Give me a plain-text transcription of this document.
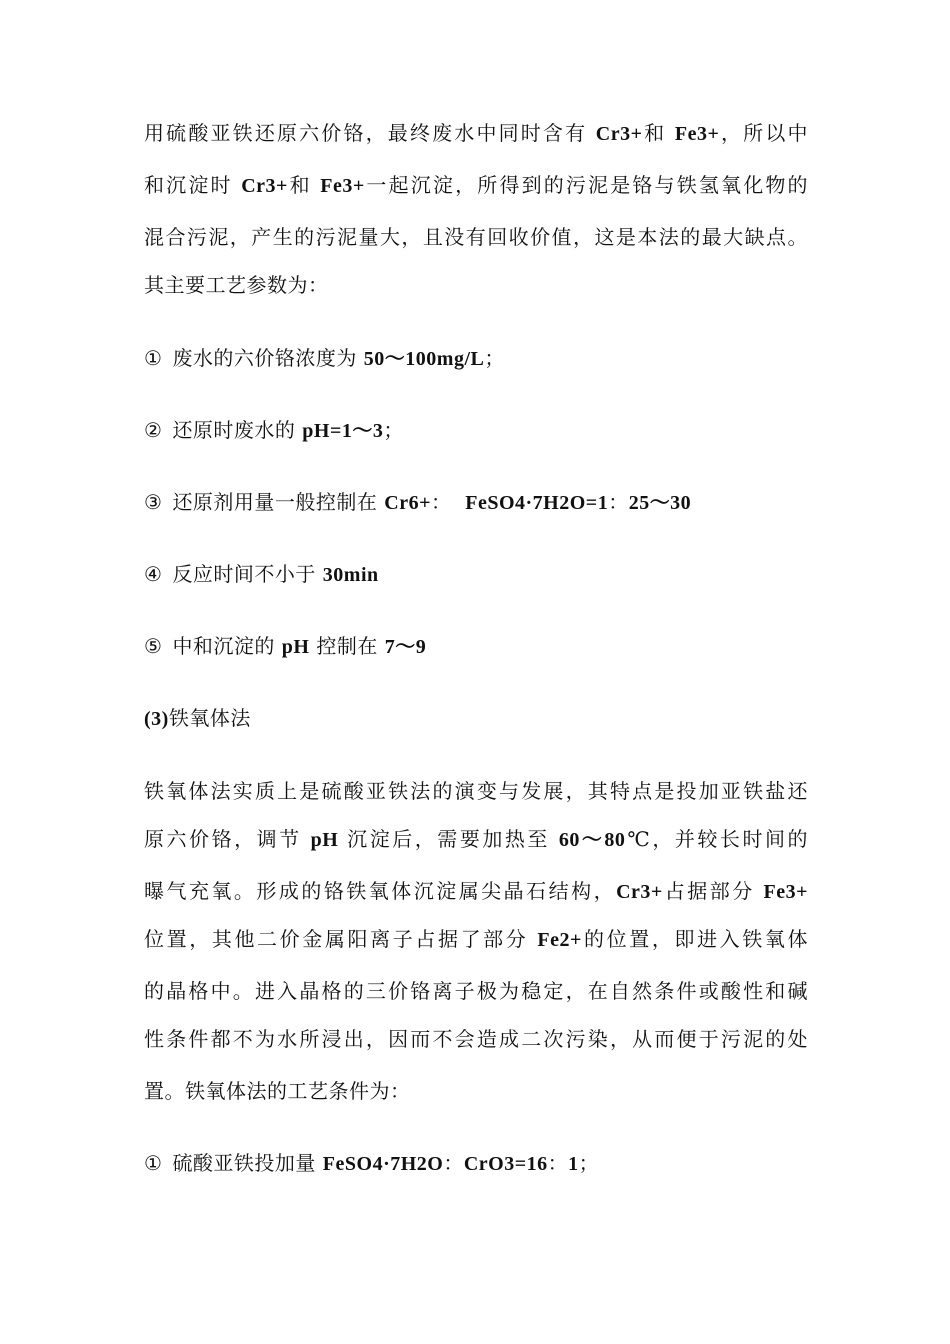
用硫酸亚铁还原六价铬，最终废水中同时含有 Cr3+和 Fe3+，所以中
和沉淀时 Cr3+和 Fe3+一起沉淀，所得到的污泥是铬与铁氢氧化物的
混合污泥，产生的污泥量大，且没有回收价值，这是本法的最大缺点。
其主要工艺参数为：
① 废水的六价铬浓度为 50～100mg/L；
② 还原时废水的 pH=1～3；
③ 还原剂用量一般控制在 Cr6+：  FeSO4·7H2O=1：25～30
④ 反应时间不小于 30min
⑤ 中和沉淀的 pH 控制在 7～9
(3)铁氧体法
铁氧体法实质上是硫酸亚铁法的演变与发展，其特点是投加亚铁盐还
原六价铬，调节 pH 沉淀后，需要加热至 60～80℃，并较长时间的
曝气充氧。形成的铬铁氧体沉淀属尖晶石结构，Cr3+占据部分 Fe3+
位置，其他二价金属阳离子占据了部分 Fe2+的位置，即进入铁氧体
的晶格中。进入晶格的三价铬离子极为稳定，在自然条件或酸性和碱
性条件都不为水所浸出，因而不会造成二次污染，从而便于污泥的处
置。铁氧体法的工艺条件为：
① 硫酸亚铁投加量 FeSO4·7H2O：CrO3=16：1；
